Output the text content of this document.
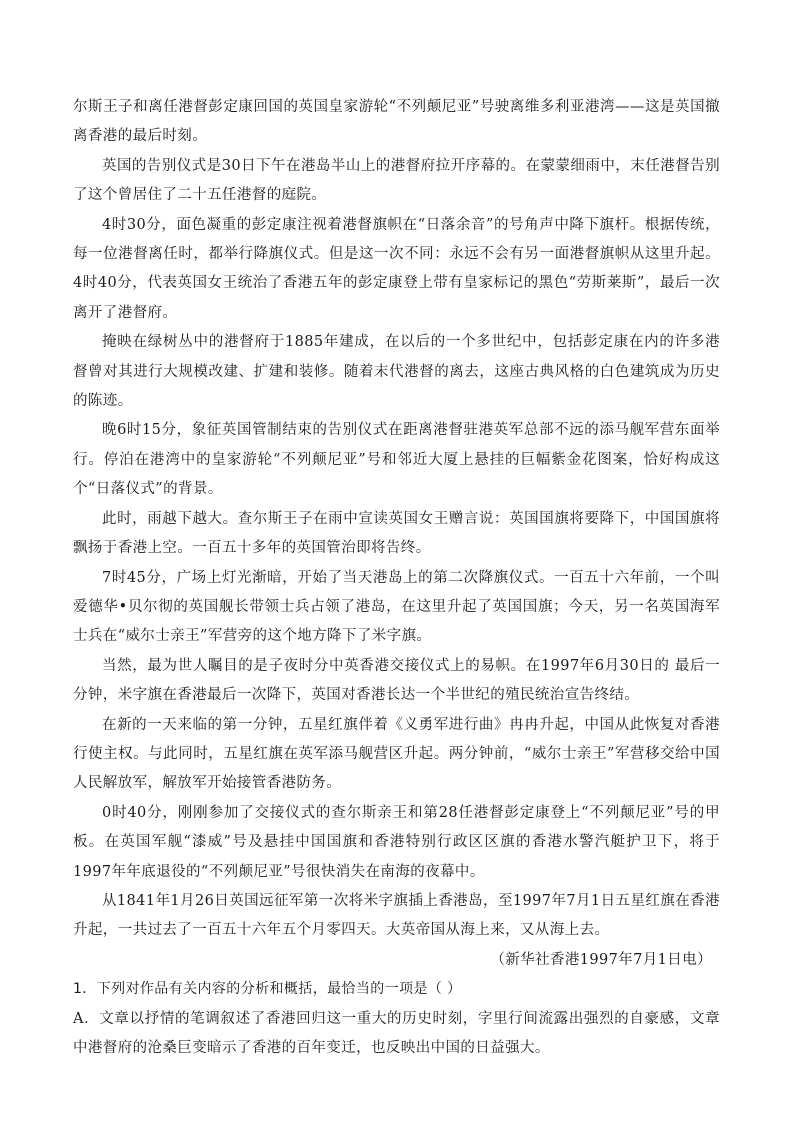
尔斯王子和离任港督彭定康回国的英国皇家游轮“不列颠尼亚”号驶离维多利亚港湾——这是英国撤离香港的最后时刻。

英国的告别仪式是30日下午在港岛半山上的港督府拉开序幕的。在蒙蒙细雨中，末任港督告别了这个曾居住了二十五任港督的庭院。

4时30分，面色凝重的彭定康注视着港督旗帜在“日落余音”的号角声中降下旗杆。根据传统，每一位港督离任时，都举行降旗仪式。但是这一次不同：永远不会有另一面港督旗帜从这里升起。4时40分，代表英国女王统治了香港五年的彭定康登上带有皇家标记的黑色“劳斯莱斯”，最后一次离开了港督府。

掩映在绿树丛中的港督府于1885年建成，在以后的一个多世纪中，包括彭定康在内的许多港督曾对其进行大规模改建、扩建和装修。随着末代港督的离去，这座古典风格的白色建筑成为历史的陈迹。

晚6时15分，象征英国管制结束的告别仪式在距离港督驻港英军总部不远的添马舰军营东面举行。停泊在港湾中的皇家游轮“不列颠尼亚”号和邻近大厦上悬挂的巨幅紫金花图案，恰好构成这个“日落仪式”的背景。

此时，雨越下越大。查尔斯王子在雨中宣读英国女王赠言说：英国国旗将要降下，中国国旗将飘扬于香港上空。一百五十多年的英国管治即将告终。

7时45分，广场上灯光渐暗，开始了当天港岛上的第二次降旗仪式。一百五十六年前，一个叫爱德华•贝尔彻的英国舰长带领士兵占领了港岛，在这里升起了英国国旗；今天，另一名英国海军士兵在“威尔士亲王”军营旁的这个地方降下了米字旗。

当然，最为世人瞩目的是子夜时分中英香港交接仪式上的易帜。在1997年6月30日的 最后一分钟，米字旗在香港最后一次降下，英国对香港长达一个半世纪的殖民统治宣告终结。

在新的一天来临的第一分钟，五星红旗伴着《义勇军进行曲》冉冉升起，中国从此恢复对香港行使主权。与此同时，五星红旗在英军添马舰营区升起。两分钟前，“威尔士亲王”军营移交给中国人民解放军，解放军开始接管香港防务。

0时40分，刚刚参加了交接仪式的查尔斯亲王和第28任港督彭定康登上“不列颠尼亚”号的甲板。在英国军舰“漆威”号及悬挂中国国旗和香港特别行政区区旗的香港水警汽艇护卫下，将于1997年年底退役的“不列颠尼亚”号很快消失在南海的夜幕中。

从1841年1月26日英国远征军第一次将米字旗插上香港岛，至1997年7月1日五星红旗在香港升起，一共过去了一百五十六年五个月零四天。大英帝国从海上来，又从海上去。

（新华社香港1997年7月1日电）

1．下列对作品有关内容的分析和概括，最恰当的一项是（ ）

A．文章以抒情的笔调叙述了香港回归这一重大的历史时刻，字里行间流露出强烈的自豪感，文章中港督府的沧桑巨变暗示了香港的百年变迁，也反映出中国的日益强大。
